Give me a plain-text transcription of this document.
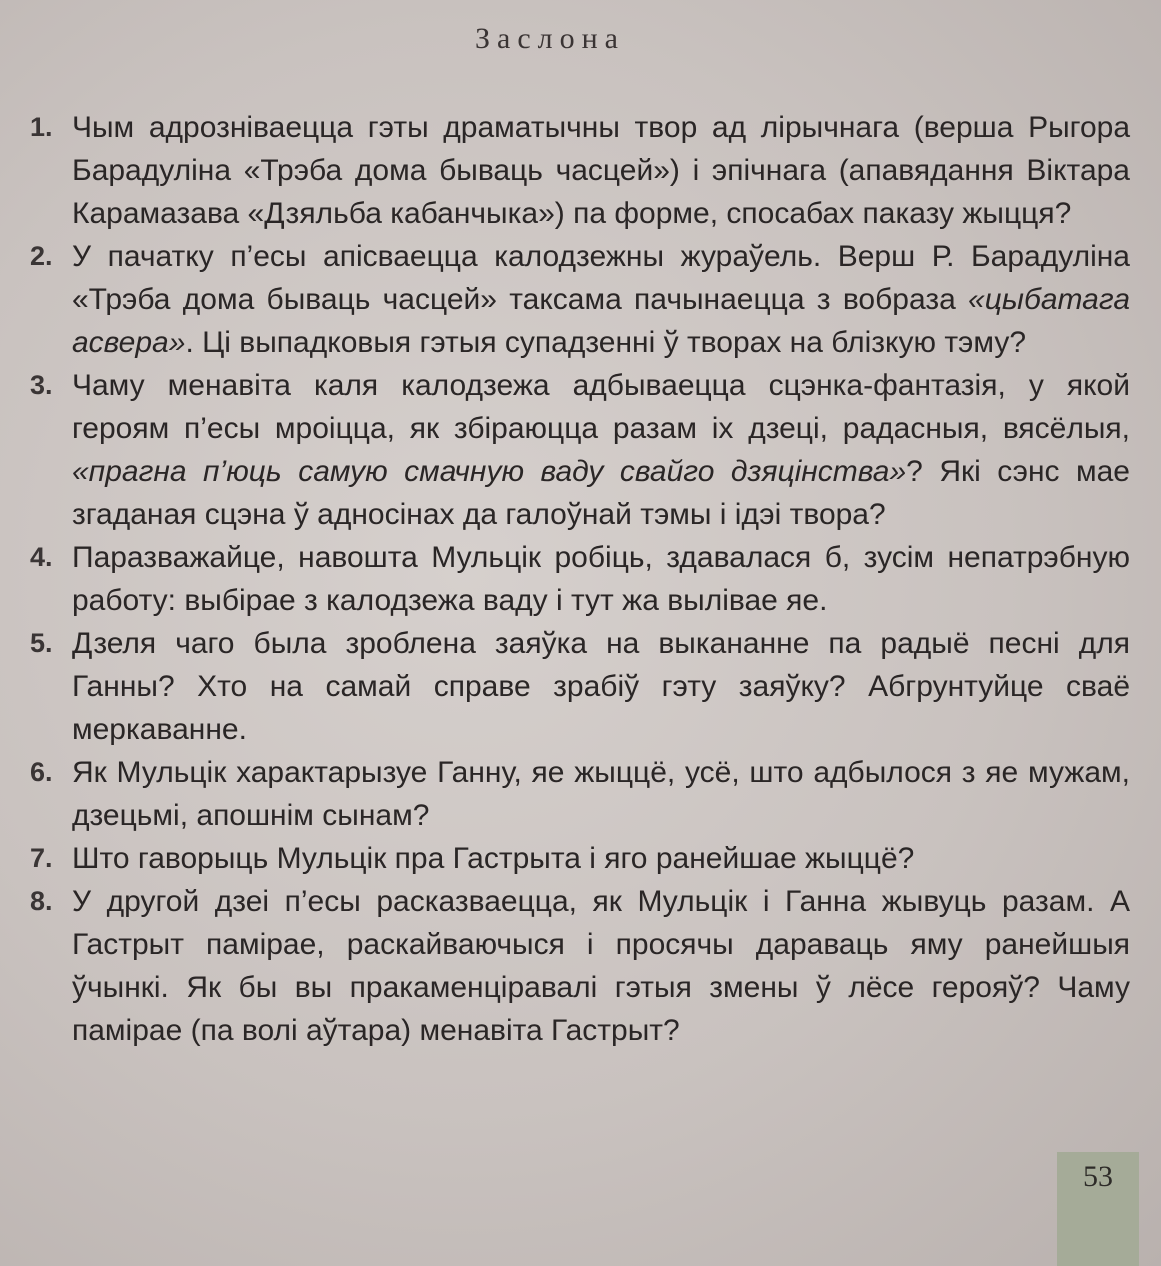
Заслона
1. Чым адрозніваецца гэты драматычны твор ад лірычнага (верша Рыгора Барадуліна «Трэба дома бываць часцей») і эпічнага (апавядання Віктара Карамазава «Дзяльба кабанчыка») па форме, спосабах паказу жыцця?
2. У пачатку п’есы апісваецца калодзежны жураўель. Верш Р. Барадуліна «Трэба дома бываць часцей» таксама пачынаецца з вобраза «цыбатага асвера». Ці выпадковыя гэтыя супадзенні ў творах на блізкую тэму?
3. Чаму менавіта каля калодзежа адбываецца сцэнка-фантазія, у якой героям п’есы мроіцца, як збіраюцца разам іх дзеці, радасныя, вясёлыя, «прагна п’юць самую смачную ваду свайго дзяцінства»? Які сэнс мае згаданая сцэна ў адносінах да галоўнай тэмы і ідэі твора?
4. Паразважайце, навошта Мульцік робіць, здавалася б, зусім непатрэбную работу: выбірае з калодзежа ваду і тут жа вылівае яе.
5. Дзеля чаго была зроблена заяўка на выкананне па радыё песні для Ганны? Хто на самай справе зрабіў гэту заяўку? Абгрунтуйце сваё меркаванне.
6. Як Мульцік характарызуе Ганну, яе жыццё, усё, што адбылося з яе мужам, дзецьмі, апошнім сынам?
7. Што гаворыць Мульцік пра Гастрыта і яго ранейшае жыццё?
8. У другой дзеі п’есы расказваецца, як Мульцік і Ганна жывуць разам. А Гастрыт памірае, раскайваючыся і просячы дараваць яму ранейшыя ўчынкі. Як бы вы пракаменціравалі гэтыя змены ў лёсе герояў? Чаму памірае (па волі аўтара) менавіта Гастрыт?
53
